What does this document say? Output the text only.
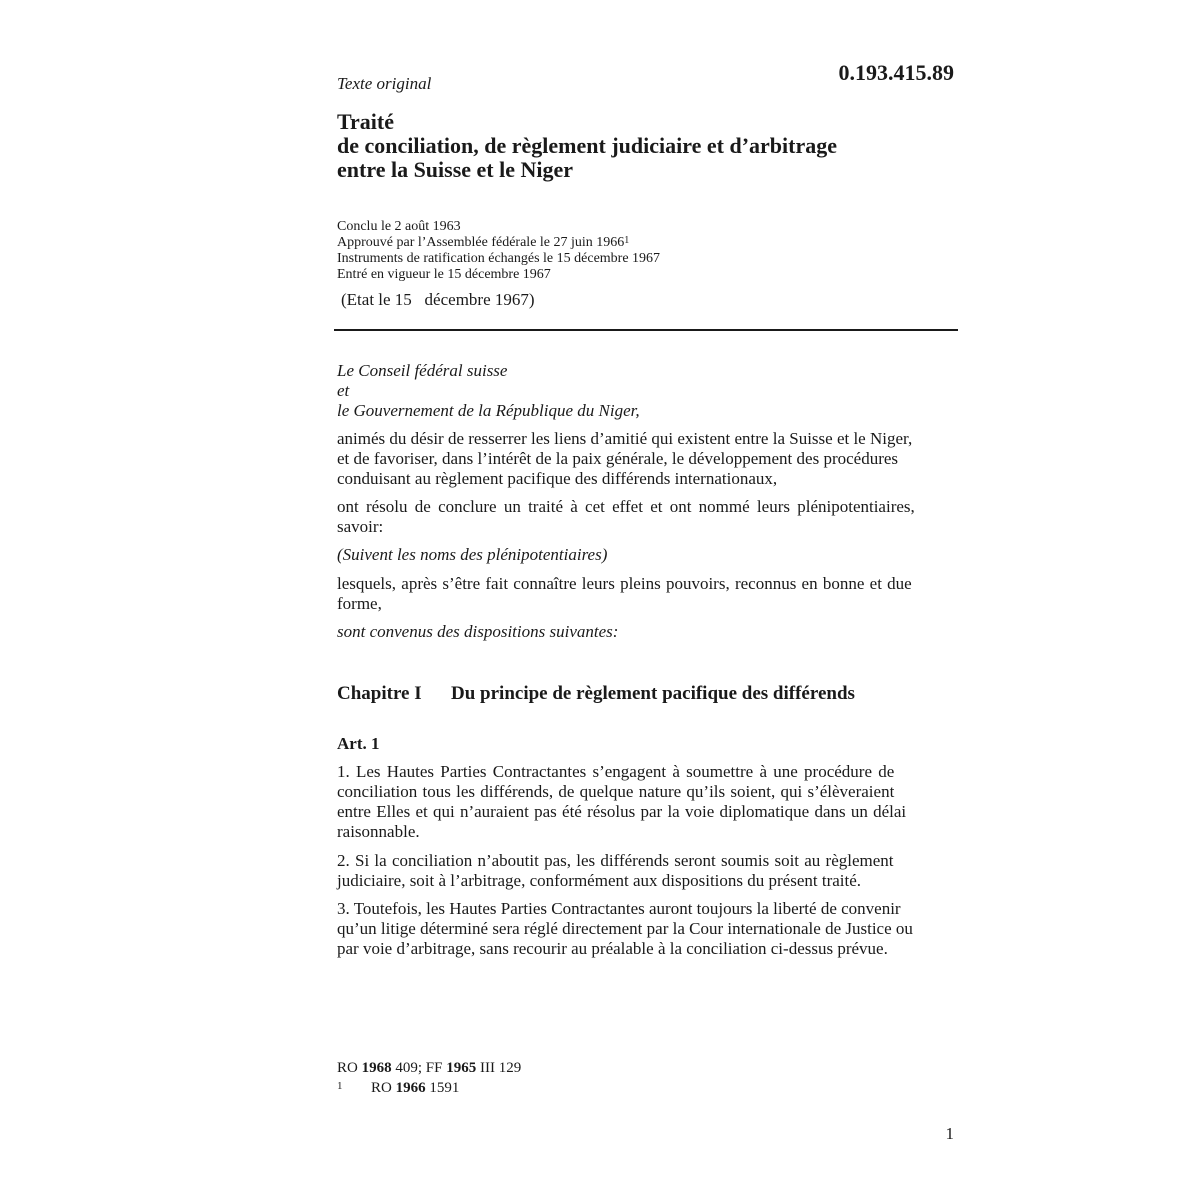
Texte original	0.193.415.89
Traité
de conciliation, de règlement judiciaire et d’arbitrage
entre la Suisse et le Niger
Conclu le 2 août 1963
Approuvé par l’Assemblée fédérale le 27 juin 1966$^1$
Instruments de ratification échangés le 15 décembre 1967
Entré en vigueur le 15 décembre 1967
(Etat le 15   décembre 1967)
Le Conseil fédéral suisse
et
le Gouvernement de la République du Niger,
animés du désir de resserrer les liens d’amitié qui existent entre la Suisse et le Niger,
et de favoriser, dans l’intérêt de la paix générale, le développement des procédures
conduisant au règlement pacifique des différends internationaux,
ont résolu de conclure un traité à cet effet et ont nommé leurs plénipotentiaires,
savoir:
(Suivent les noms des plénipotentiaires)
lesquels, après s’être fait connaître leurs pleins pouvoirs, reconnus en bonne et due
forme,
sont convenus des dispositions suivantes:
Chapitre I Du principe de règlement pacifique des différends
Art. 1
1. Les Hautes Parties Contractantes s’engagent à soumettre à une procédure de
conciliation tous les différends, de quelque nature qu’ils soient, qui s’élèveraient
entre Elles et qui n’auraient pas été résolus par la voie diplomatique dans un délai
raisonnable.
2. Si la conciliation n’aboutit pas, les différends seront soumis soit au règlement
judiciaire, soit à l’arbitrage, conformément aux dispositions du présent traité.
3. Toutefois, les Hautes Parties Contractantes auront toujours la liberté de convenir
qu’un litige déterminé sera réglé directement par la Cour internationale de Justice ou
par voie d’arbitrage, sans recourir au préalable à la conciliation ci-dessus prévue.
RO 1968 409; FF 1965 III 129
1 RO 1966 1591
1
